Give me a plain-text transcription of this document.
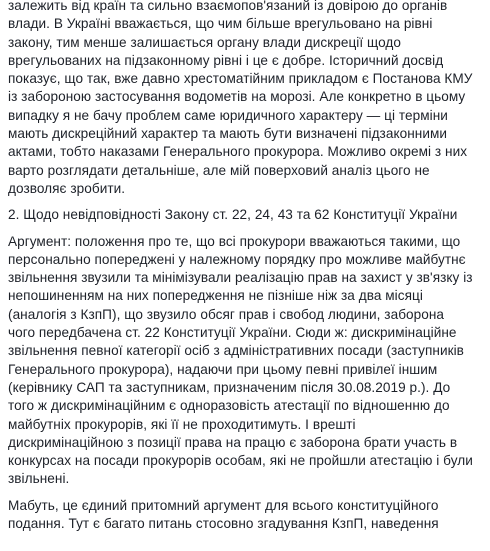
залежить від країн та сильно взаємопов'язаний із довірою до органів
влади. В Україні вважається, що чим більше врегульовано на рівні
закону, тим менше залишається органу влади дискреції щодо
врегульованих на підзаконному рівні і це є добре. Історичний досвід
показує, що так, вже давно хрестоматійним прикладом є Постанова КМУ
із забороною застосування водометів на морозі. Але конкретно в цьому
випадку я не бачу проблем саме юридичного характеру — ці терміни
мають дискреційний характер та мають бути визначені підзаконними
актами, тобто наказами Генерального прокурора. Можливо окремі з них
варто розглядати детальніше, але мій поверховий аналіз цього не
дозволяє зробити.

2. Щодо невідповідності Закону ст. 22, 24, 43 та 62 Конституції України

Аргумент: положення про те, що всі прокурори вважаються такими, що
персонально попереджені у належному порядку про можливе майбутнє
звільнення звузили та мінімізували реалізацію прав на захист у зв'язку із
непошиненням на них попередження не пізніше ніж за два місяці
(аналогія з КзпП), що звузило обсяг прав і свобод людини, заборона
чого передбачена ст. 22 Конституції України. Сюди ж: дискримінаційне
звільнення певної категорії осіб з адміністративних посади (заступників
Генерального прокурора), надаючи при цьому певні привілеї іншим
(керівнику САП та заступникам, призначеним після 30.08.2019 р.). До
того ж дискримінаційним є одноразовість атестації по відношенню до
майбутніх прокурорів, які її не проходитимуть. І врешті
дискримінаційною з позиції права на працю є заборона брати участь в
конкурсах на посади прокурорів особам, які не пройшли атестацію і були
звільнені.

Мабуть, це єдиний притомний аргумент для всього конституційного
подання. Тут є багато питань стосовно згадування КзпП, наведення
